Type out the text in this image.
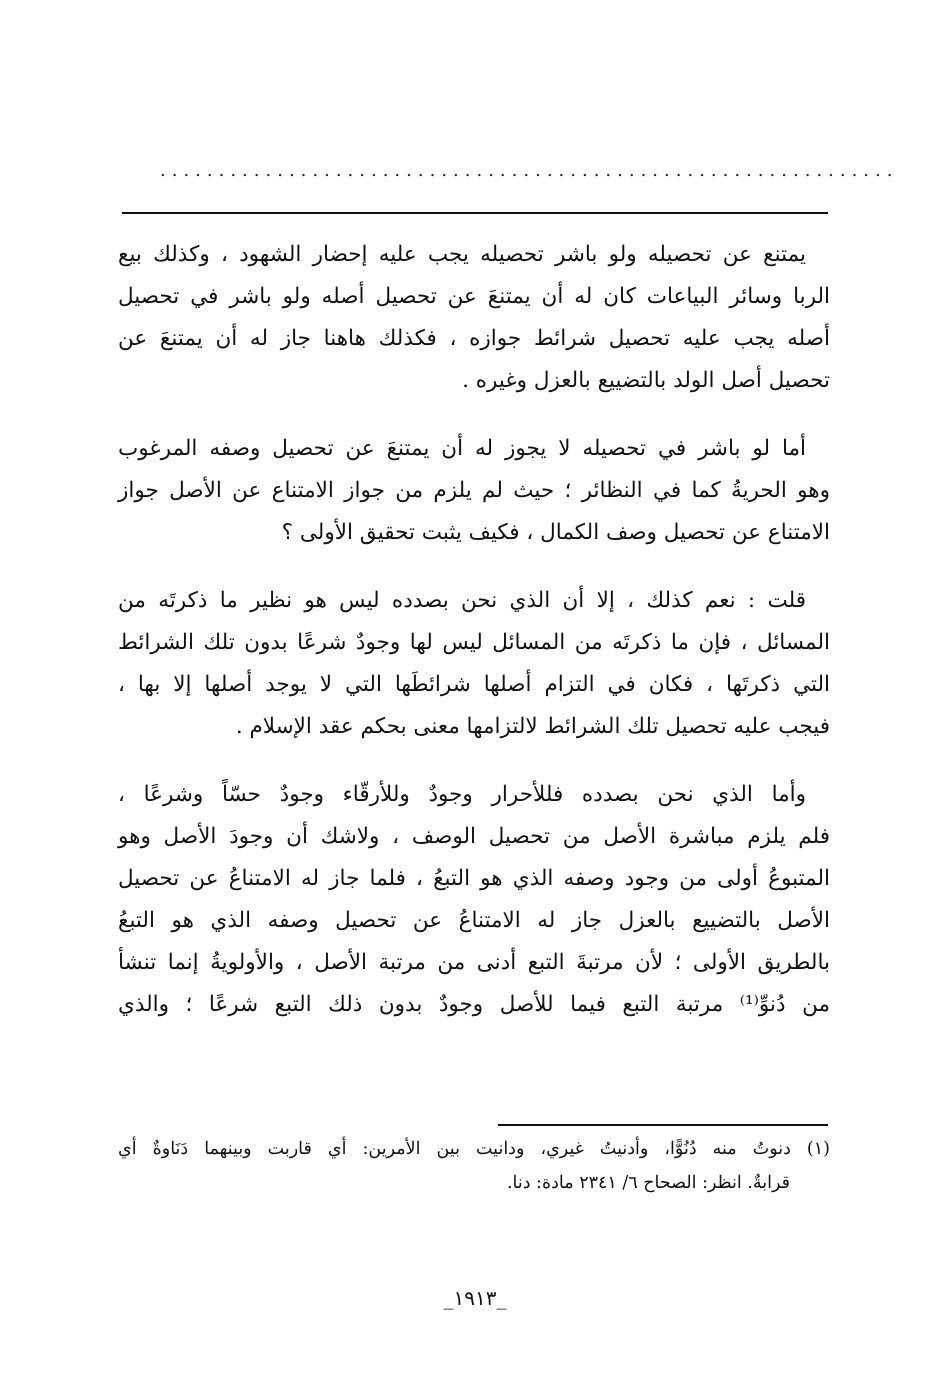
...............................................................
يمتنع عن تحصيله ولو باشر تحصيله يجب عليه إحضار الشهود ، وكذلك بيع
الربا وسائر البياعات كان له أن يمتنعَ عن تحصيل أصله ولو باشر في تحصيل
أصله يجب عليه تحصيل شرائط جوازه ، فكذلك هاهنا جاز له أن يمتنعَ عن
تحصيل أصل الولد بالتضييع بالعزل وغيره .
أما لو باشر في تحصيله لا يجوز له أن يمتنعَ عن تحصيل وصفه المرغوب
وهو الحريةُ كما في النظائر ؛ حيث لم يلزم من جواز الامتناع عن الأصل جواز
الامتناع عن تحصيل وصف الكمال ، فكيف يثبت تحقيق الأولى ؟
قلت : نعم كذلك ، إلا أن الذي نحن بصدده ليس هو نظير ما ذكرتَه من
المسائل ، فإن ما ذكرتَه من المسائل ليس لها وجودٌ شرعًا بدون تلك الشرائط
التي ذكرتَها ، فكان في التزام أصلها شرائطَها التي لا يوجد أصلها إلا بها ،
فيجب عليه تحصيل تلك الشرائط لالتزامها معنى بحكم عقد الإسلام .
وأما الذي نحن بصدده فللأحرار وجودٌ وللأرقّاء وجودٌ حسّاً وشرعًا ،
فلم يلزم مباشرة الأصل من تحصيل الوصف ، ولاشك أن وجودَ الأصل وهو
المتبوعُ أولى من وجود وصفه الذي هو التبعُ ، فلما جاز له الامتناعُ عن تحصيل
الأصل بالتضييع بالعزل جاز له الامتناعُ عن تحصيل وصفه الذي هو التبعُ
بالطريق الأولى ؛ لأن مرتبةَ التبع أدنى من مرتبة الأصل ، والأولويةُ إنما تنشأ
من دُنوِّ⁽¹⁾ مرتبة التبع فيما للأصل وجودٌ بدون ذلك التبع شرعًا ؛ والذي
(١) دنوتُ منه دُنُوًّا، وأدنيتُ غيري، ودانيت بين الأمرين: أي قاربت وبينهما دَنَاوةٌ أي
قرابةٌ. انظر: الصحاح ٦/ ٢٣٤١ مادة: دنا.
_١٩١٣_
